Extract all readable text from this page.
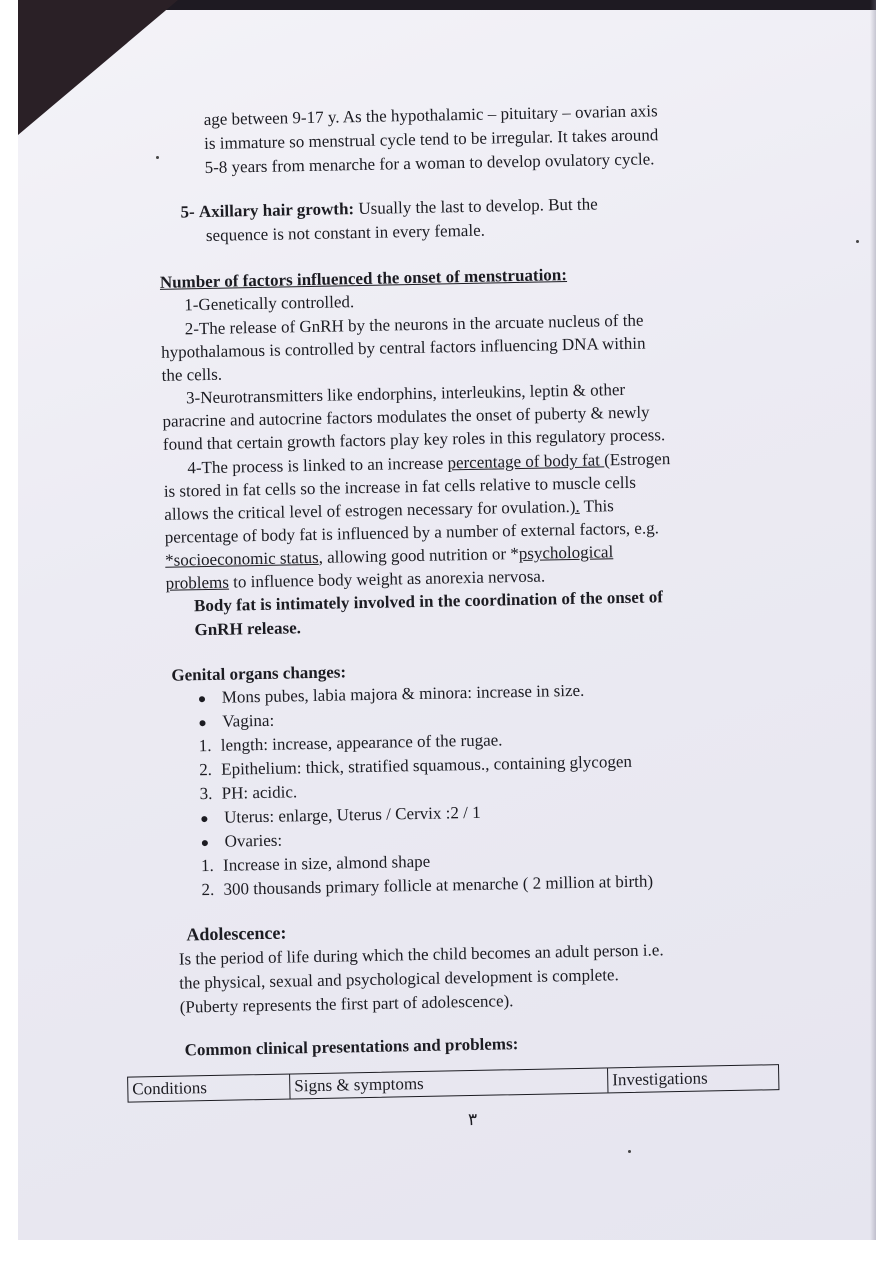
age between 9-17 y. As the hypothalamic – pituitary – ovarian axis
is immature so menstrual cycle tend to be irregular. It takes around
5-8 years from menarche for a woman to develop ovulatory cycle.
5- Axillary hair growth: Usually the last to develop. But the
sequence is not constant in every female.
Number of factors influenced the onset of menstruation:
1-Genetically controlled.
2-The release of GnRH by the neurons in the arcuate nucleus of the
hypothalamous is controlled by central factors influencing DNA within
the cells.
3-Neurotransmitters like endorphins, interleukins, leptin & other
paracrine and autocrine factors modulates the onset of puberty & newly
found that certain growth factors play key roles in this regulatory process.
4-The process is linked to an increase percentage of body fat (Estrogen
is stored in fat cells so the increase in fat cells relative to muscle cells
allows the critical level of estrogen necessary for ovulation.). This
percentage of body fat is influenced by a number of external factors, e.g.
*socioeconomic status, allowing good nutrition or *psychological
problems to influence body weight as anorexia nervosa.
Body fat is intimately involved in the coordination of the onset of
GnRH release.
Genital organs changes:
● Mons pubes, labia majora & minora: increase in size.
● Vagina:
1. length: increase, appearance of the rugae.
2. Epithelium: thick, stratified squamous., containing glycogen
3. PH: acidic.
● Uterus: enlarge, Uterus / Cervix :2 / 1
● Ovaries:
1. Increase in size, almond shape
2. 300 thousands primary follicle at menarche ( 2 million at birth)
Adolescence:
Is the period of life during which the child becomes an adult person i.e.
the physical, sexual and psychological development is complete.
(Puberty represents the first part of adolescence).
Common clinical presentations and problems:
Conditions	Signs & symptoms	Investigations
٣
